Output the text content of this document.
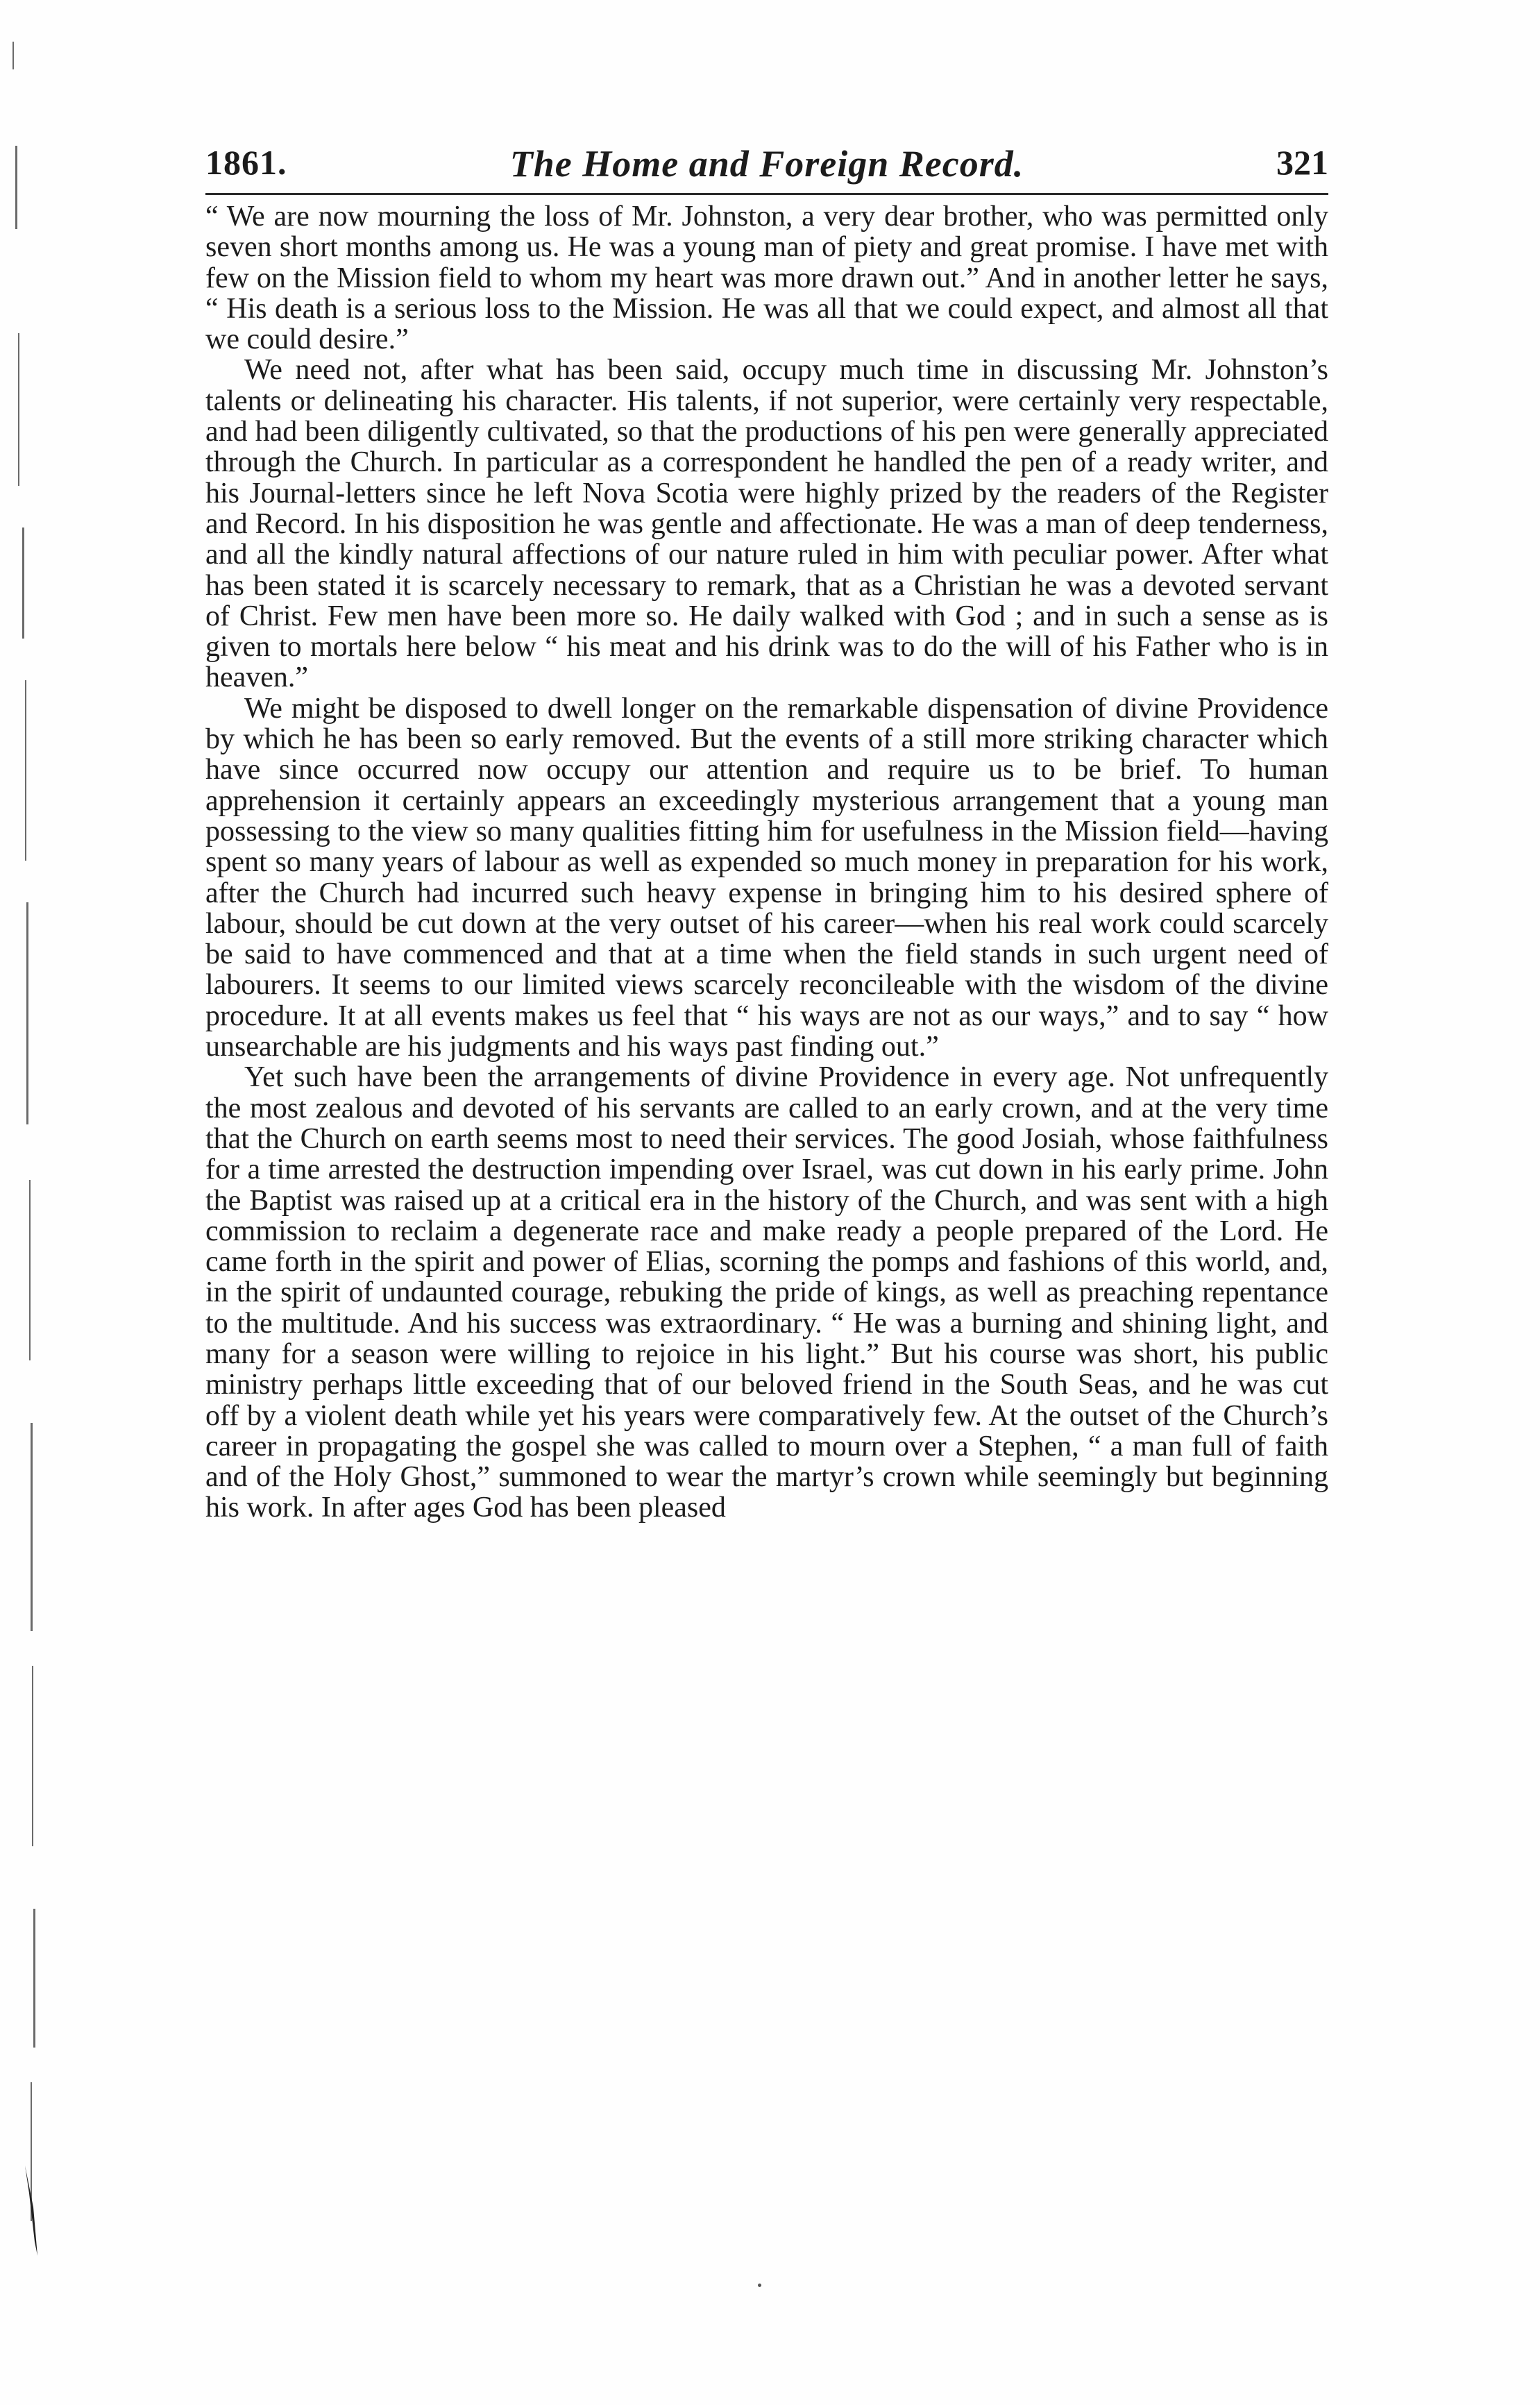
1861.	The Home and Foreign Record.	321

“ We are now mourning the loss of Mr. Johnston, a very dear brother, who was permitted only seven short months among us. He was a young man of piety and great promise. I have met with few on the Mission field to whom my heart was more drawn out.” And in another letter he says, “ His death is a serious loss to the Mission. He was all that we could expect, and almost all that we could desire.”

We need not, after what has been said, occupy much time in discussing Mr. Johnston’s talents or delineating his character. His talents, if not superior, were certainly very respectable, and had been diligently cultivated, so that the productions of his pen were generally appreciated through the Church. In particular as a correspondent he handled the pen of a ready writer, and his Journal-letters since he left Nova Scotia were highly prized by the readers of the Register and Record. In his disposition he was gentle and affectionate. He was a man of deep tenderness, and all the kindly natural affections of our nature ruled in him with peculiar power. After what has been stated it is scarcely necessary to remark, that as a Christian he was a devoted servant of Christ. Few men have been more so. He daily walked with God ; and in such a sense as is given to mortals here below “ his meat and his drink was to do the will of his Father who is in heaven.”

We might be disposed to dwell longer on the remarkable dispensation of divine Providence by which he has been so early removed. But the events of a still more striking character which have since occurred now occupy our attention and require us to be brief. To human apprehension it certainly appears an exceedingly mysterious arrangement that a young man possessing to the view so many qualities fitting him for usefulness in the Mission field—having spent so many years of labour as well as expended so much money in preparation for his work, after the Church had incurred such heavy expense in bringing him to his desired sphere of labour, should be cut down at the very outset of his career—when his real work could scarcely be said to have commenced and that at a time when the field stands in such urgent need of labourers. It seems to our limited views scarcely reconcileable with the wisdom of the divine procedure. It at all events makes us feel that “ his ways are not as our ways,” and to say “ how unsearchable are his judgments and his ways past finding out.”

Yet such have been the arrangements of divine Providence in every age. Not unfrequently the most zealous and devoted of his servants are called to an early crown, and at the very time that the Church on earth seems most to need their services. The good Josiah, whose faithfulness for a time arrested the destruction impending over Israel, was cut down in his early prime. John the Baptist was raised up at a critical era in the history of the Church, and was sent with a high commission to reclaim a degenerate race and make ready a people prepared of the Lord. He came forth in the spirit and power of Elias, scorning the pomps and fashions of this world, and, in the spirit of undaunted courage, rebuking the pride of kings, as well as preaching repentance to the multitude. And his success was extraordinary. “ He was a burning and shining light, and many for a season were willing to rejoice in his light.” But his course was short, his public ministry perhaps little exceeding that of our beloved friend in the South Seas, and he was cut off by a violent death while yet his years were comparatively few. At the outset of the Church’s career in propagating the gospel she was called to mourn over a Stephen, “ a man full of faith and of the Holy Ghost,” summoned to wear the martyr’s crown while seemingly but beginning his work. In after ages God has been pleased
